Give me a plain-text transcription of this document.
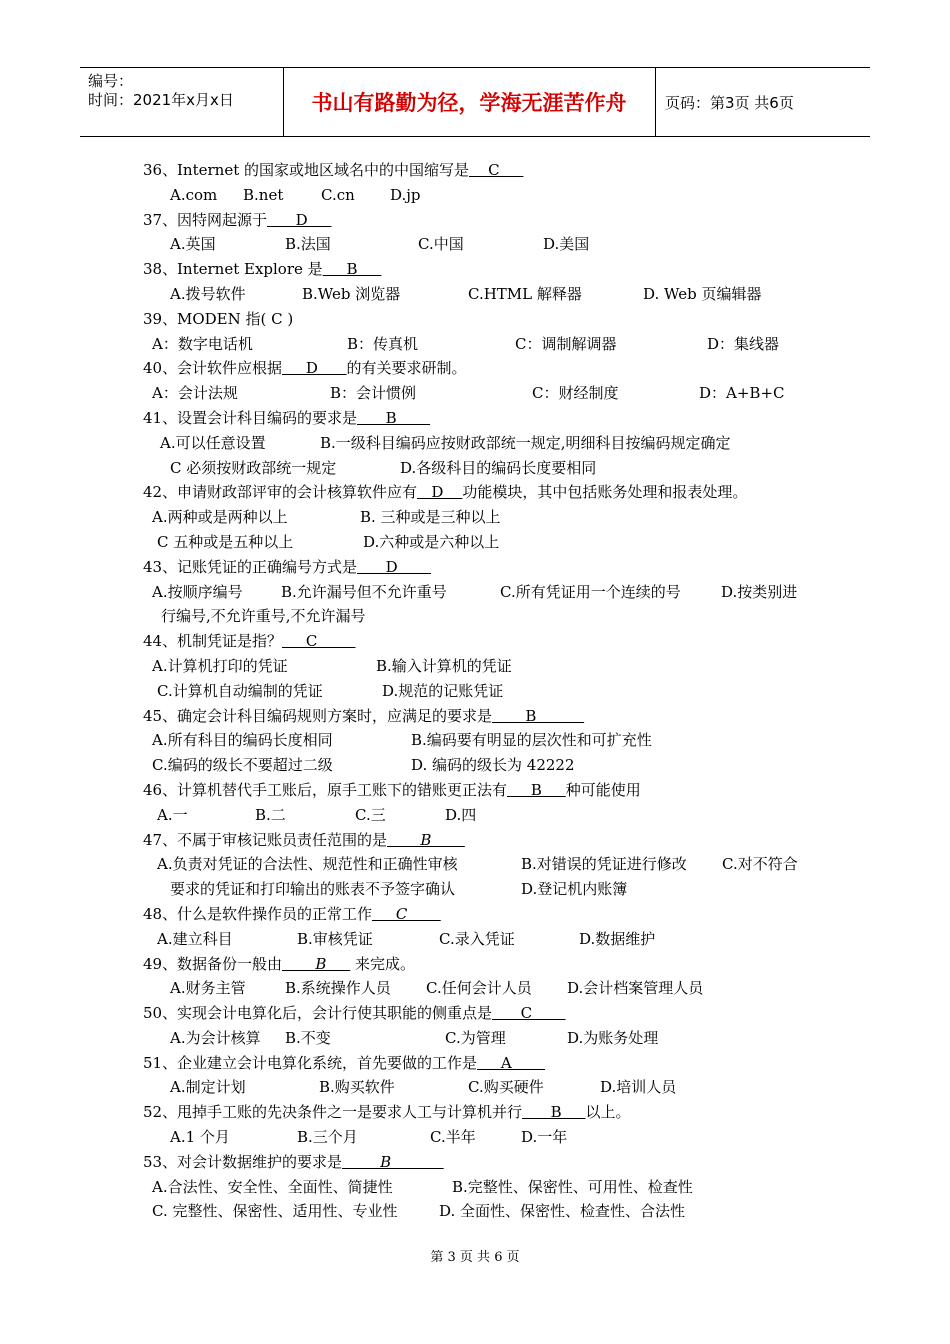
编号：
时间：2021年x月x日	书山有路勤为径，学海无涯苦作舟	页码：第3页 共6页
36、 Internet 的国家或地区域名中的中国缩写是    C
A.com B.net	C.cn D.jp
37、 因特网起源于      D
A.英国	B.法国	C.中国	D.美国
38、 Internet Explore 是     B
A.拨号软件	B.Web 浏览器	C.HTML 解释器	D. Web 页编辑器
39、 MODEN 指( C )
A：数字电话机	B：传真机	C：调制解调器	D：集线器
40、 会计软件应根据     D      的有关要求研制。
A：会计法规	B：会计惯例	C：财经制度	D：A+B+C
41、 设置会计科目编码的要求是      B
A.可以任意设置	B.一级科目编码应按财政部统一规定,明细科目按编码规定确定
C 必须按财政部统一规定	D.各级科目的编码长度要相同
42、 申请财政部评审的会计核算软件应有   D    功能模块，其中包括账务处理和报表处理。
A.两种或是两种以上	B. 三种或是三种以上
C 五种或是五种以上	D.六种或是六种以上
43、 记账凭证的正确编号方式是      D
A.按顺序编号	B.允许漏号但不允许重号	C.所有凭证用一个连续的号	D.按类别进
行编号,不允许重号,不允许漏号
44、 机制凭证是指？     C
A.计算机打印的凭证	B.输入计算机的凭证
C.计算机自动编制的凭证	D.规范的记账凭证
45、 确定会计科目编码规则方案时，应满足的要求是       B
A.所有科目的编码长度相同	B.编码要有明显的层次性和可扩充性
C.编码的级长不要超过二级	D. 编码的级长为 42222
46、 计算机替代手工账后，原手工账下的错账更正法有     B     种可能使用
A.一	B.二	C.三	D.四
47、 不属于审核记账员责任范围的是       B
A.负责对凭证的合法性、规范性和正确性审核	B.对错误的凭证进行修改 C.对不符合
要求的凭证和打印输出的账表不予签字确认	D.登记机内账簿
48、 什么是软件操作员的正常工作     C
A.建立科目	B.审核凭证	C.录入凭证	D.数据维护
49、 数据备份一般由       B      来完成。
A.财务主管	B.系统操作人员 C.任何会计人员 D.会计档案管理人员
50、 实现会计电算化后，会计行使其职能的侧重点是      C
A.为会计核算 B.不变	C.为管理	D.为账务处理
51、 企业建立会计电算化系统，首先要做的工作是     A
A.制定计划	B.购买软件	C.购买硬件	D.培训人员
52、 甩掉手工账的先决条件之一是要求人工与计算机并行      B     以上。
A.1 个月	B.三个月	C.半年	D.一年
53、 对会计数据维护的要求是        B
A.合法性、安全性、全面性、简捷性	B.完整性、保密性、可用性、检查性
C. 完整性、保密性、适用性、专业性	D. 全面性、保密性、检查性、合法性
第 3 页 共 6 页
